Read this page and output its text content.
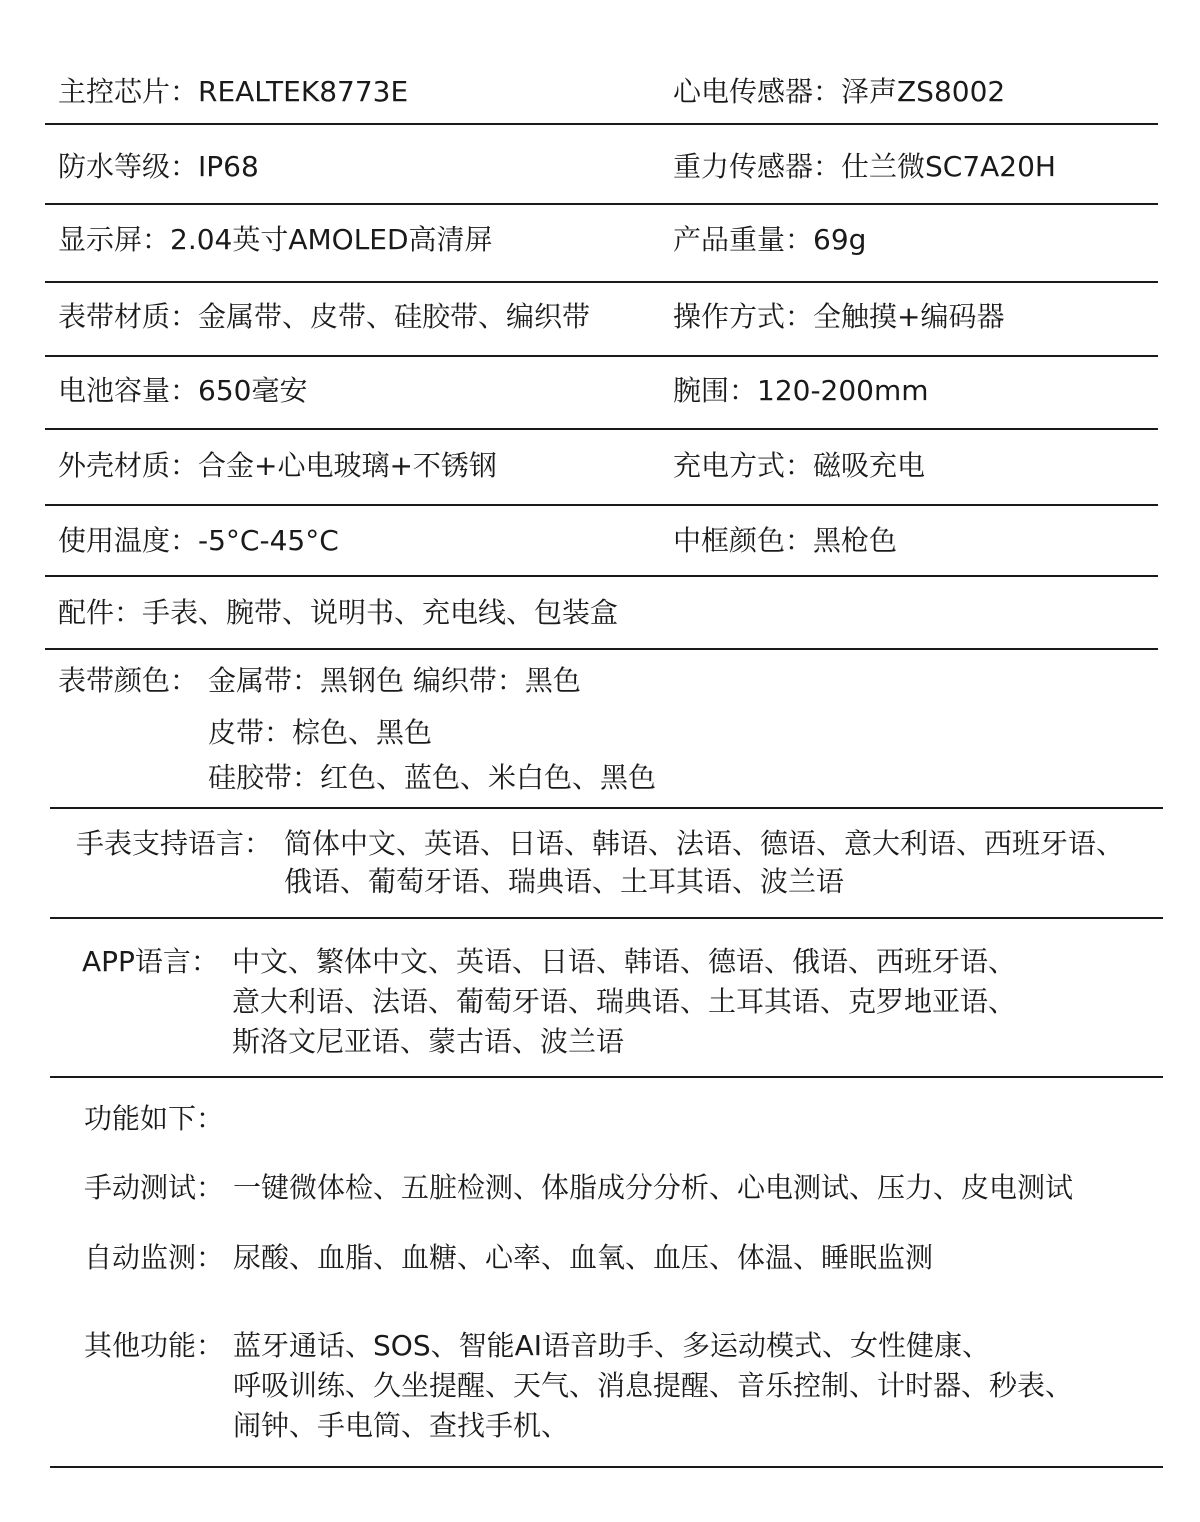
主控芯片：REALTEK8773E	心电传感器：泽声ZS8002
防水等级：IP68	重力传感器：仕兰微SC7A20H
显示屏：2.04英寸AMOLED高清屏	产品重量：69g
表带材质：金属带、皮带、硅胶带、编织带	操作方式：全触摸+编码器
电池容量：650毫安	腕围：120-200mm
外壳材质：合金+心电玻璃+不锈钢	充电方式：磁吸充电
使用温度：-5°C-45°C	中框颜色：黑枪色
配件：手表、腕带、说明书、充电线、包装盒
表带颜色： 金属带：黑钢色 编织带：黑色
皮带：棕色、黑色
硅胶带：红色、蓝色、米白色、黑色
手表支持语言： 简体中文、英语、日语、韩语、法语、德语、意大利语、西班牙语、
俄语、葡萄牙语、瑞典语、土耳其语、波兰语
APP语言： 中文、繁体中文、英语、日语、韩语、德语、俄语、西班牙语、
意大利语、法语、葡萄牙语、瑞典语、土耳其语、克罗地亚语、
斯洛文尼亚语、蒙古语、波兰语
功能如下：
手动测试： 一键微体检、五脏检测、体脂成分分析、心电测试、压力、皮电测试
自动监测： 尿酸、血脂、血糖、心率、血氧、血压、体温、睡眠监测
其他功能： 蓝牙通话、SOS、智能AI语音助手、多运动模式、女性健康、
呼吸训练、久坐提醒、天气、消息提醒、音乐控制、计时器、秒表、
闹钟、手电筒、查找手机、
